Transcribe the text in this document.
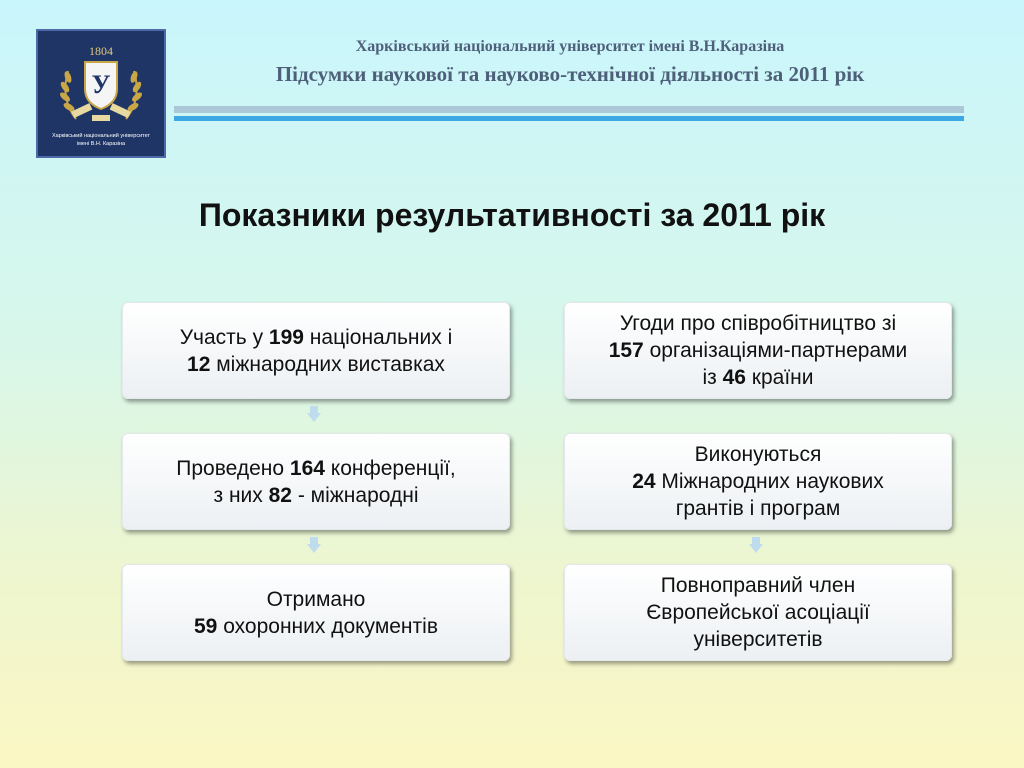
У
1804
Харківський національний університет
імені В.Н. Каразіна
Харківський національний університет імені В.Н.Каразіна
Підсумки наукової та науково-технічної діяльності за 2011 рік
Показники результативності за 2011 рік
Участь у 199 національних і
12 міжнародних виставках
Проведено 164 конференції,
з них 82 - міжнародні
Отримано
59 охоронних документів
Угоди про співробітництво зі
157 організаціями-партнерами
із 46 країни
Виконуються
24 Міжнародних наукових
грантів і програм
Повноправний член
Європейської асоціації
університетів
